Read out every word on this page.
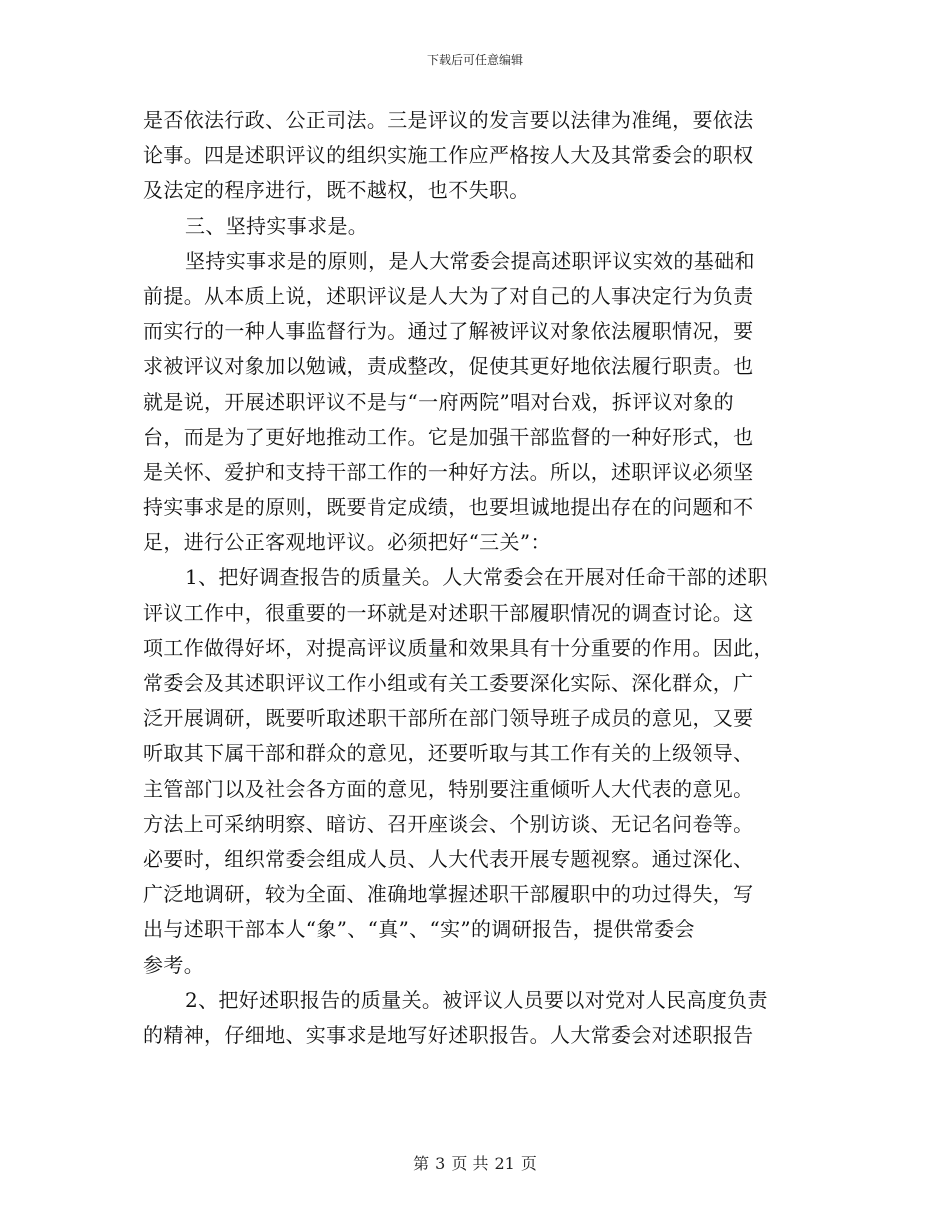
下载后可任意编辑
是否依法行政、公正司法。三是评议的发言要以法律为准绳，要依法
论事。四是述职评议的组织实施工作应严格按人大及其常委会的职权
及法定的程序进行，既不越权，也不失职。
三、坚持实事求是。
坚持实事求是的原则，是人大常委会提高述职评议实效的基础和
前提。从本质上说，述职评议是人大为了对自己的人事决定行为负责
而实行的一种人事监督行为。通过了解被评议对象依法履职情况，要
求被评议对象加以勉诫，责成整改，促使其更好地依法履行职责。也
就是说，开展述职评议不是与“一府两院”唱对台戏，拆评议对象的
台，而是为了更好地推动工作。它是加强干部监督的一种好形式，也
是关怀、爱护和支持干部工作的一种好方法。所以，述职评议必须坚
持实事求是的原则，既要肯定成绩，也要坦诚地提出存在的问题和不
足，进行公正客观地评议。必须把好“三关”：
1、把好调查报告的质量关。人大常委会在开展对任命干部的述职
评议工作中，很重要的一环就是对述职干部履职情况的调查讨论。这
项工作做得好坏，对提高评议质量和效果具有十分重要的作用。因此，
常委会及其述职评议工作小组或有关工委要深化实际、深化群众，广
泛开展调研，既要听取述职干部所在部门领导班子成员的意见，又要
听取其下属干部和群众的意见，还要听取与其工作有关的上级领导、
主管部门以及社会各方面的意见，特别要注重倾听人大代表的意见。
方法上可采纳明察、暗访、召开座谈会、个别访谈、无记名问卷等。
必要时，组织常委会组成人员、人大代表开展专题视察。通过深化、
广泛地调研，较为全面、准确地掌握述职干部履职中的功过得失，写
出与述职干部本人“象”、“真”、“实”的调研报告，提供常委会
参考。
2、把好述职报告的质量关。被评议人员要以对党对人民高度负责
的精神，仔细地、实事求是地写好述职报告。人大常委会对述职报告
第 3 页 共 21 页
